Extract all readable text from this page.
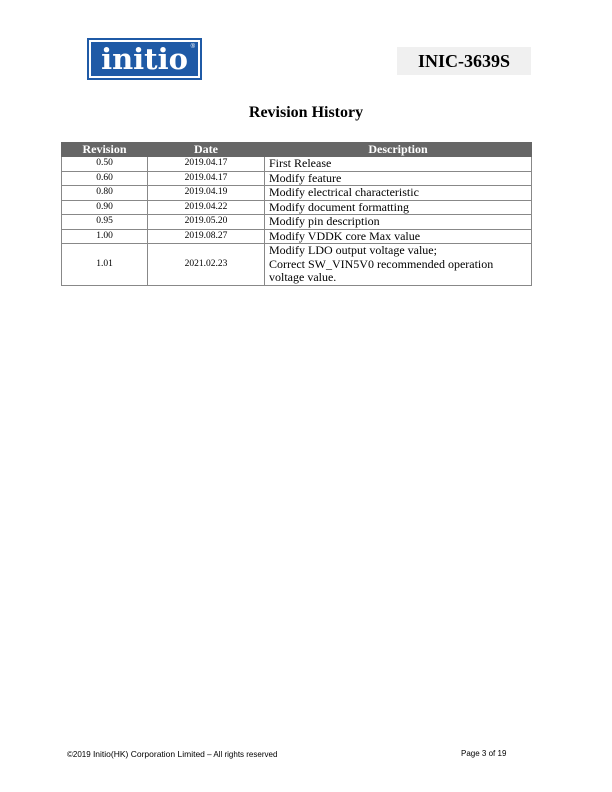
initio ®
INIC-3639S
Revision History
Revision	Date	Description
0.50	2019.04.17	First Release

0.60	2019.04.17	Modify feature

0.80	2019.04.19	Modify electrical characteristic

0.90	2019.04.22	Modify document formatting

0.95	2019.05.20	Modify pin description

1.00	2019.08.27	Modify VDDK core Max value

1.01	2021.02.23	Modify LDO output voltage value;
Correct SW_VIN5V0 recommended operation
voltage value.
©2019 Initio(HK) Corporation Limited – All rights reserved	Page 3 of 19
